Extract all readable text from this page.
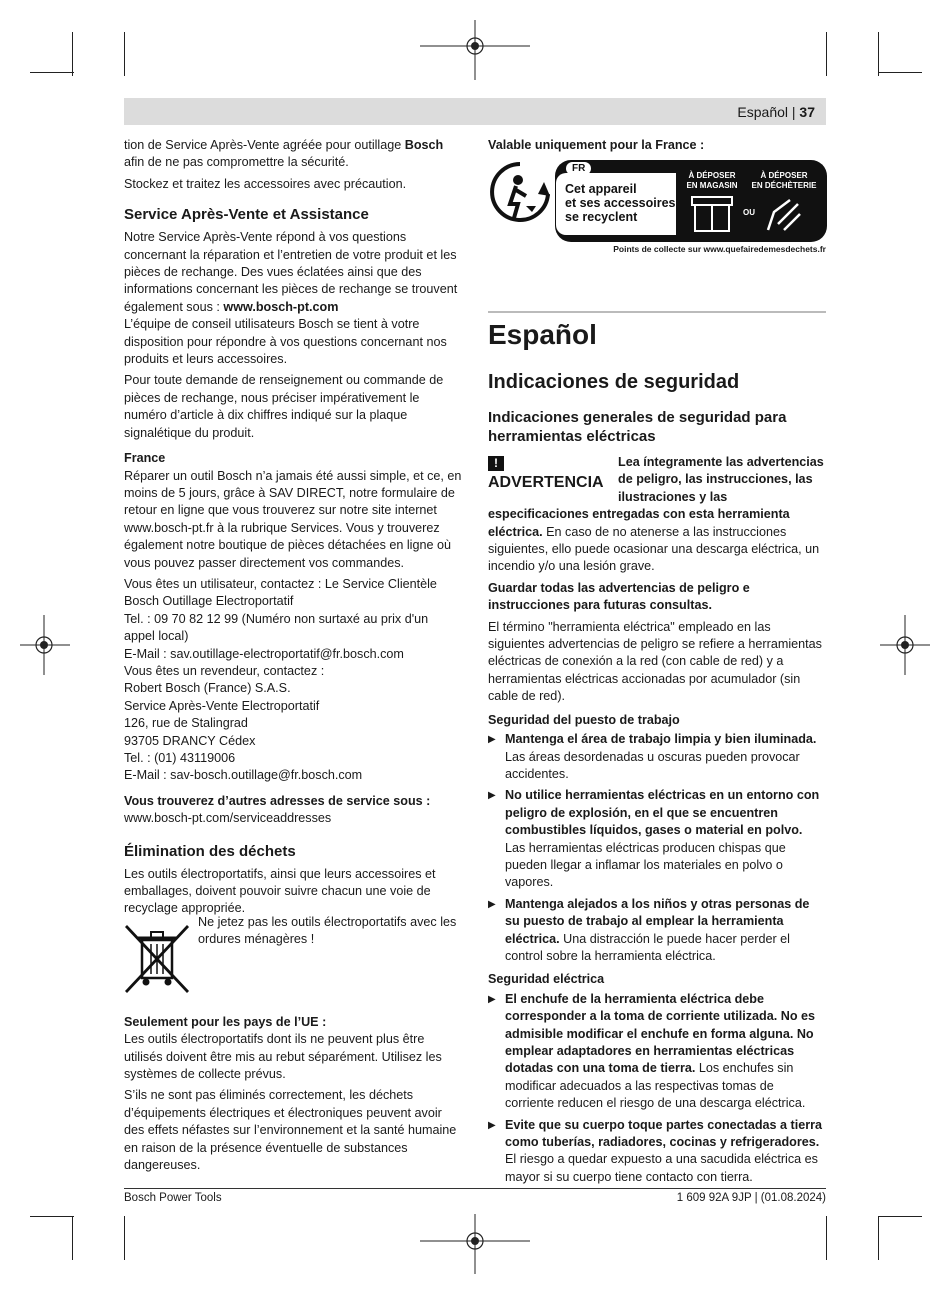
Español | 37

tion de Service Après-Vente agréée pour outillage Bosch afin de ne pas compromettre la sécurité.

Stockez et traitez les accessoires avec précaution.

Service Après-Vente et Assistance

Notre Service Après-Vente répond à vos questions concernant la réparation et l’entretien de votre produit et les pièces de rechange. Des vues éclatées ainsi que des informations concernant les pièces de rechange se trouvent également sous : www.bosch-pt.com

L’équipe de conseil utilisateurs Bosch se tient à votre disposition pour répondre à vos questions concernant nos produits et leurs accessoires.

Pour toute demande de renseignement ou commande de pièces de rechange, nous préciser impérativement le numéro d’article à dix chiffres indiqué sur la plaque signalétique du produit.

France

Réparer un outil Bosch n’a jamais été aussi simple, et ce, en moins de 5 jours, grâce à SAV DIRECT, notre formulaire de retour en ligne que vous trouverez sur notre site internet www.bosch-pt.fr à la rubrique Services. Vous y trouverez également notre boutique de pièces détachées en ligne où vous pouvez passer directement vos commandes.

Vous êtes un utilisateur, contactez : Le Service Clientèle
Bosch Outillage Electroportatif
Tel. : 09 70 82 12 99 (Numéro non surtaxé au prix d'un appel local)
E-Mail : sav.outillage-electroportatif@fr.bosch.com

Vous êtes un revendeur, contactez :
Robert Bosch (France) S.A.S.
Service Après-Vente Electroportatif
126, rue de Stalingrad
93705 DRANCY Cédex
Tel. : (01) 43119006
E-Mail : sav-bosch.outillage@fr.bosch.com

Vous trouverez d’autres adresses de service sous :

www.bosch-pt.com/serviceaddresses

Élimination des déchets

Les outils électroportatifs, ainsi que leurs accessoires et emballages, doivent pouvoir suivre chacun une voie de recyclage appropriée.

Ne jetez pas les outils électroportatifs avec les ordures ménagères !
Seulement pour les pays de l’UE :

Les outils électroportatifs dont ils ne peuvent plus être utilisés doivent être mis au rebut séparément. Utilisez les systèmes de collecte prévus.

S’ils ne sont pas éliminés correctement, les déchets d’équipements électriques et électroniques peuvent avoir des effets néfastes sur l’environnement et la santé humaine en raison de la présence éventuelle de substances dangereuses.

Valable uniquement pour la France :
FR
Cet appareil
et ses accessoires
se recyclent
À DÉPOSER
EN MAGASIN
OU
À DÉPOSER
EN DÉCHÈTERIE
Points de collecte sur www.quefairedemesdechets.fr
Español
Indicaciones de seguridad
Indicaciones generales de seguridad para herramientas eléctricas
!ADVERTENCIA

Lea íntegramente las advertencias de peligro, las instrucciones, las ilustraciones y las especificaciones entregadas con esta herramienta eléctrica. En caso de no atenerse a las instrucciones siguientes, ello puede ocasionar una descarga eléctrica, un incendio y/o una lesión grave.

Guardar todas las advertencias de peligro e instrucciones para futuras consultas.

El término "herramienta eléctrica" empleado en las siguientes advertencias de peligro se refiere a herramientas eléctricas de conexión a la red (con cable de red) y a herramientas eléctricas accionadas por acumulador (sin cable de red).

Seguridad del puesto de trabajo

▶ Mantenga el área de trabajo limpia y bien iluminada. Las áreas desordenadas u oscuras pueden provocar accidentes.

▶ No utilice herramientas eléctricas en un entorno con peligro de explosión, en el que se encuentren combustibles líquidos, gases o material en polvo. Las herramientas eléctricas producen chispas que pueden llegar a inflamar los materiales en polvo o vapores.

▶ Mantenga alejados a los niños y otras personas de su puesto de trabajo al emplear la herramienta eléctrica. Una distracción le puede hacer perder el control sobre la herramienta eléctrica.

Seguridad eléctrica

▶ El enchufe de la herramienta eléctrica debe corresponder a la toma de corriente utilizada. No es admisible modificar el enchufe en forma alguna. No emplear adaptadores en herramientas eléctricas dotadas con una toma de tierra. Los enchufes sin modificar adecuados a las respectivas tomas de corriente reducen el riesgo de una descarga eléctrica.

▶ Evite que su cuerpo toque partes conectadas a tierra como tuberías, radiadores, cocinas y refrigeradores. El riesgo a quedar expuesto a una sacudida eléctrica es mayor si su cuerpo tiene contacto con tierra.

Bosch Power Tools	1 609 92A 9JP | (01.08.2024)
